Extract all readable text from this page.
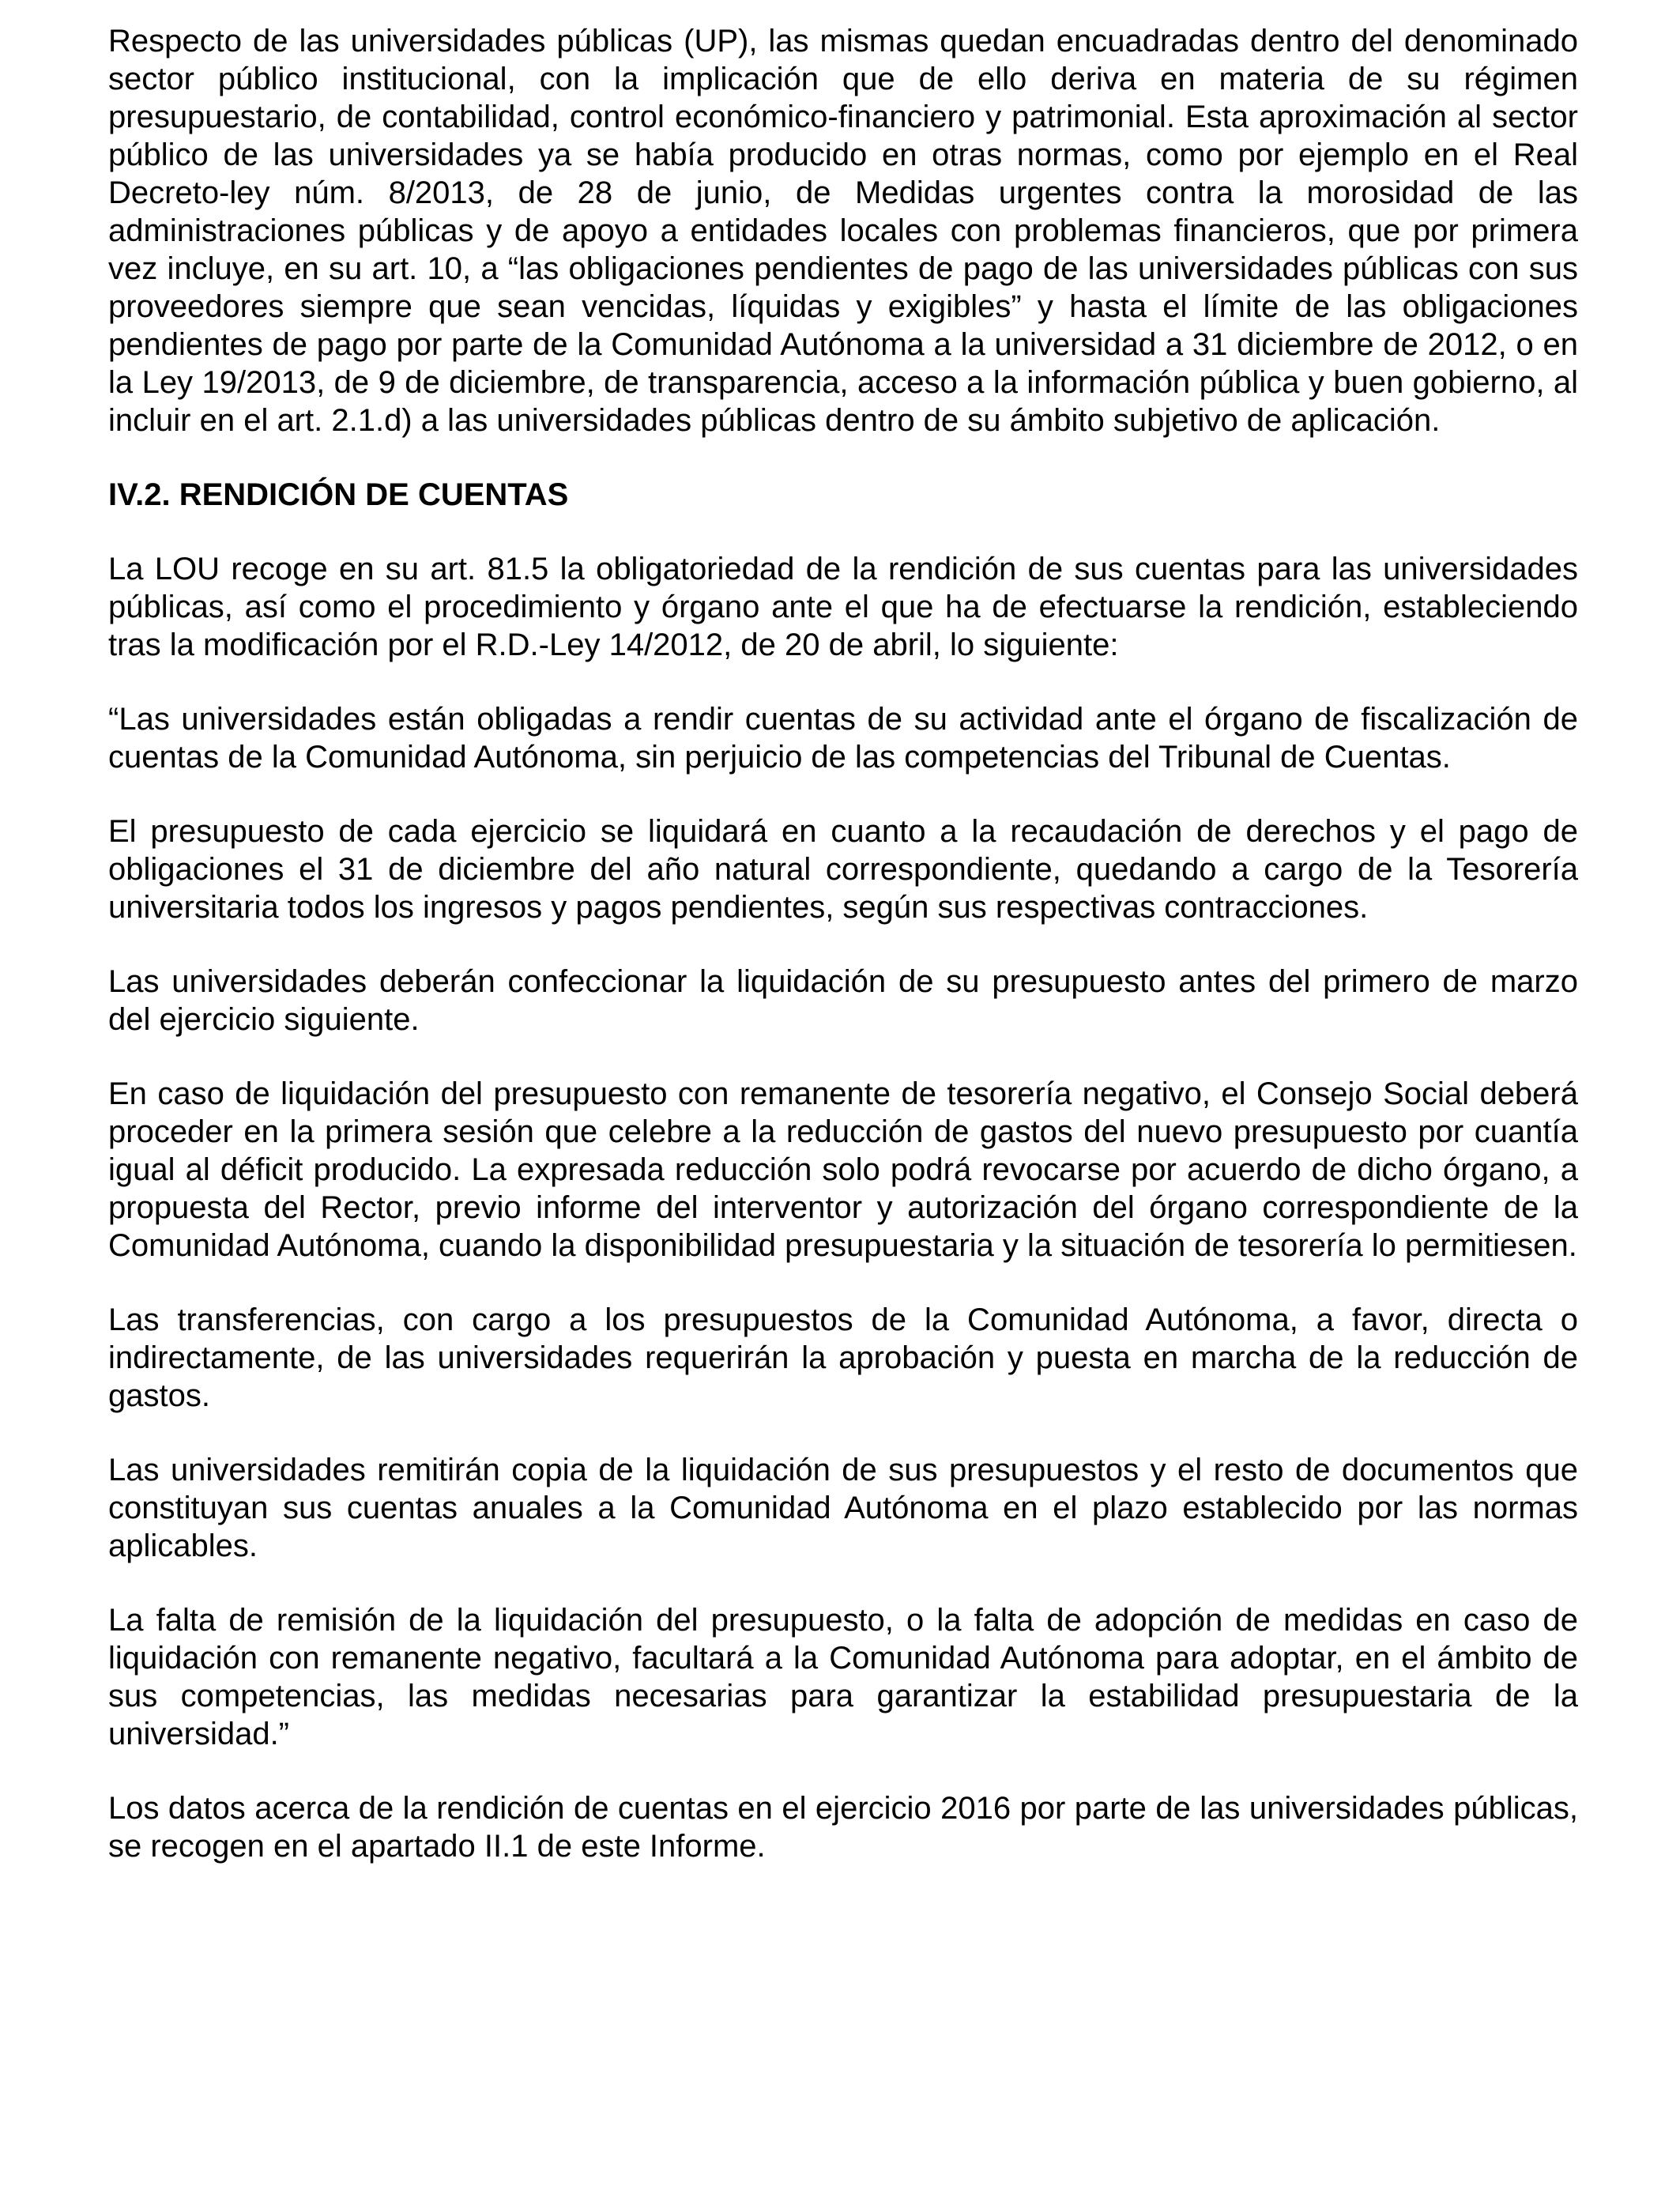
Respecto de las universidades públicas (UP), las mismas quedan encuadradas dentro del denominado sector público institucional, con la implicación que de ello deriva en materia de su régimen presupuestario, de contabilidad, control económico-financiero y patrimonial. Esta aproximación al sector público de las universidades ya se había producido en otras normas, como por ejemplo en el Real Decreto-ley núm. 8/2013, de 28 de junio, de Medidas urgentes contra la morosidad de las administraciones públicas y de apoyo a entidades locales con problemas financieros, que por primera vez incluye, en su art. 10, a “las obligaciones pendientes de pago de las universidades públicas con sus proveedores siempre que sean vencidas, líquidas y exigibles” y hasta el límite de las obligaciones pendientes de pago por parte de la Comunidad Autónoma a la universidad a 31 diciembre de 2012, o en la Ley 19/2013, de 9 de diciembre, de transparencia, acceso a la información pública y buen gobierno, al incluir en el art. 2.1.d) a las universidades públicas dentro de su ámbito subjetivo de aplicación.

IV.2. RENDICIÓN DE CUENTAS

La LOU recoge en su art. 81.5 la obligatoriedad de la rendición de sus cuentas para las universidades públicas, así como el procedimiento y órgano ante el que ha de efectuarse la rendición, estableciendo tras la modificación por el R.D.-Ley 14/2012, de 20 de abril, lo siguiente:

“Las universidades están obligadas a rendir cuentas de su actividad ante el órgano de fiscalización de cuentas de la Comunidad Autónoma, sin perjuicio de las competencias del Tribunal de Cuentas.

El presupuesto de cada ejercicio se liquidará en cuanto a la recaudación de derechos y el pago de obligaciones el 31 de diciembre del año natural correspondiente, quedando a cargo de la Tesorería universitaria todos los ingresos y pagos pendientes, según sus respectivas contracciones.

Las universidades deberán confeccionar la liquidación de su presupuesto antes del primero de marzo del ejercicio siguiente.

En caso de liquidación del presupuesto con remanente de tesorería negativo, el Consejo Social deberá proceder en la primera sesión que celebre a la reducción de gastos del nuevo presupuesto por cuantía igual al déficit producido. La expresada reducción solo podrá revocarse por acuerdo de dicho órgano, a propuesta del Rector, previo informe del interventor y autorización del órgano correspondiente de la Comunidad Autónoma, cuando la disponibilidad presupuestaria y la situación de tesorería lo permitiesen.

Las transferencias, con cargo a los presupuestos de la Comunidad Autónoma, a favor, directa o indirectamente, de las universidades requerirán la aprobación y puesta en marcha de la reducción de gastos.

Las universidades remitirán copia de la liquidación de sus presupuestos y el resto de documentos que constituyan sus cuentas anuales a la Comunidad Autónoma en el plazo establecido por las normas aplicables.

La falta de remisión de la liquidación del presupuesto, o la falta de adopción de medidas en caso de liquidación con remanente negativo, facultará a la Comunidad Autónoma para adoptar, en el ámbito de sus competencias, las medidas necesarias para garantizar la estabilidad presupuestaria de la universidad.”

Los datos acerca de la rendición de cuentas en el ejercicio 2016 por parte de las universidades públicas, se recogen en el apartado II.1 de este Informe.
